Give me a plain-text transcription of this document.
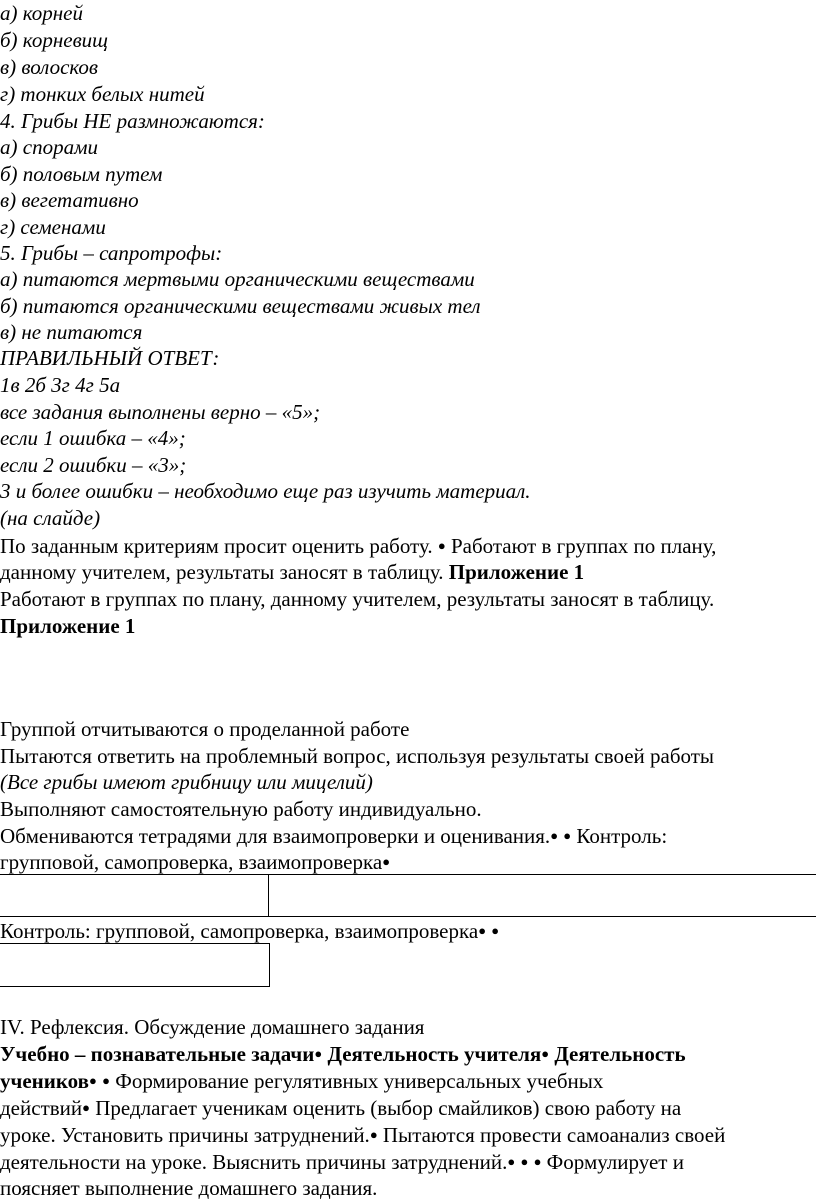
а) корней
б) корневищ
в) волосков
г) тонких белых нитей
4. Грибы НЕ размножаются:
а) спорами
б) половым путем
в) вегетативно
г) семенами
5. Грибы – сапротрофы:
а) питаются мертвыми органическими веществами
б) питаются органическими веществами живых тел
в) не питаются
ПРАВИЛЬНЫЙ ОТВЕТ:
1в 2б 3г 4г 5а
все задания выполнены верно – «5»;
если 1 ошибка – «4»;
если 2 ошибки – «3»;
3 и более ошибки – необходимо еще раз изучить материал.
(на слайде)
По заданным критериям просит оценить работу. ● Работают в группах по плану,
данному учителем, результаты заносят в таблицу. Приложение 1
Работают в группах по плану, данному учителем, результаты заносят в таблицу.
Приложение 1
Группой отчитываются о проделанной работе
Пытаются ответить на проблемный вопрос, используя результаты своей работы
(Все грибы имеют грибницу или мицелий)
Выполняют самостоятельную работу индивидуально.
Обмениваются тетрадями для взаимопроверки и оценивания.● ● Контроль:
групповой, самопроверка, взаимопроверка●
Контроль: групповой, самопроверка, взаимопроверка● ●
IV. Рефлексия. Обсуждение домашнего задания
Учебно – познавательные задачи● Деятельность учителя● Деятельность
учеников● ● Формирование регулятивных универсальных учебных
действий● Предлагает ученикам оценить (выбор смайликов) свою работу на
уроке. Установить причины затруднений.● Пытаются провести самоанализ своей
деятельности на уроке. Выяснить причины затруднений.● ● ● Формулирует и
поясняет выполнение домашнего задания.
